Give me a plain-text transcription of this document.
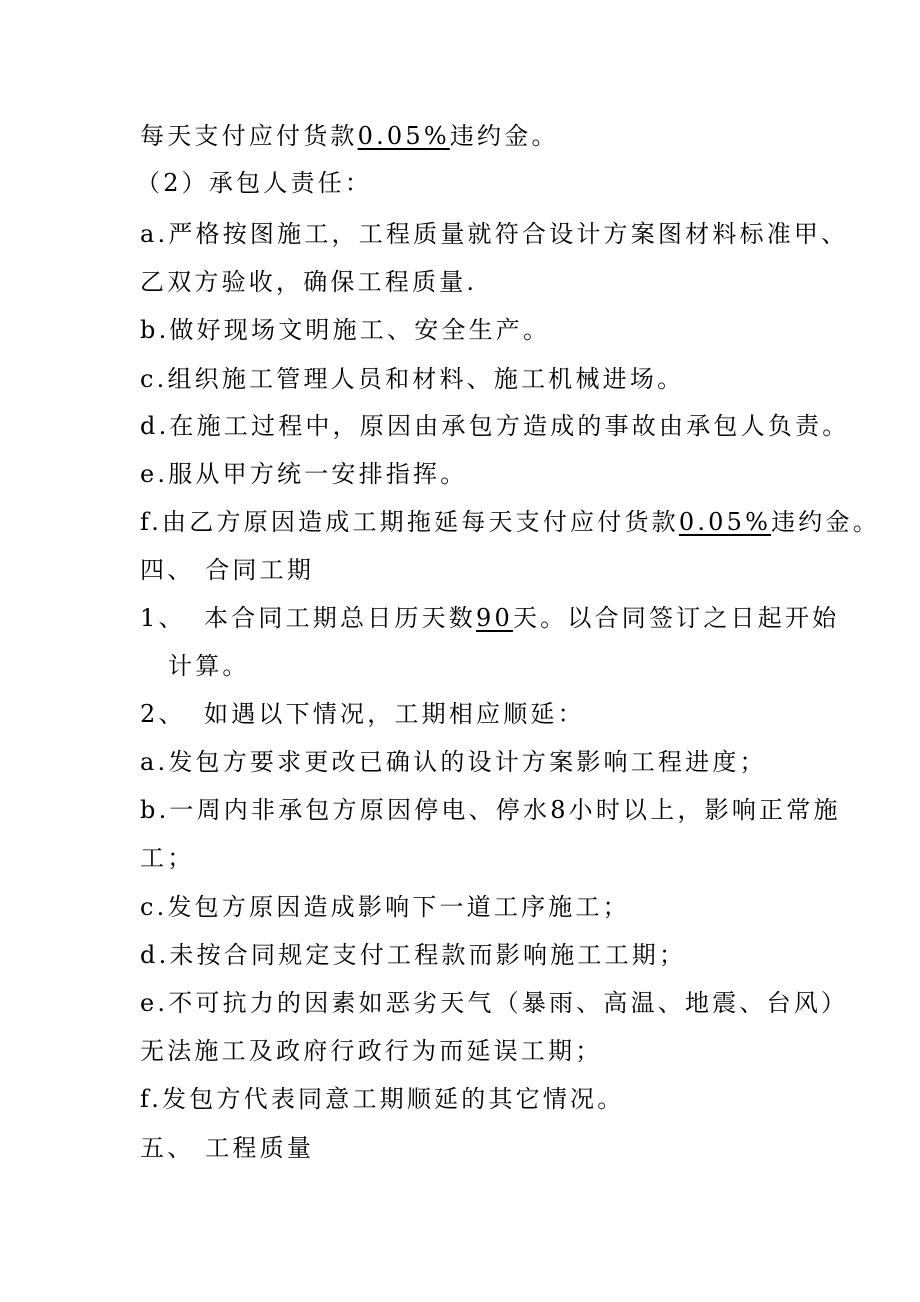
每天支付应付货款0.05%违约金。
（2）承包人责任：
a.严格按图施工，工程质量就符合设计方案图材料标准甲、
乙双方验收，确保工程质量.
b.做好现场文明施工、安全生产。
c.组织施工管理人员和材料、施工机械进场。
d.在施工过程中，原因由承包方造成的事故由承包人负责。
e.服从甲方统一安排指挥。
f.由乙方原因造成工期拖延每天支付应付货款0.05%违约金。
四、 合同工期
1、 本合同工期总日历天数90天。以合同签订之日起开始
计算。
2、 如遇以下情况，工期相应顺延：
a.发包方要求更改已确认的设计方案影响工程进度；
b.一周内非承包方原因停电、停水8小时以上，影响正常施
工；
c.发包方原因造成影响下一道工序施工；
d.未按合同规定支付工程款而影响施工工期；
e.不可抗力的因素如恶劣天气（暴雨、高温、地震、台风）
无法施工及政府行政行为而延误工期；
f.发包方代表同意工期顺延的其它情况。
五、 工程质量
